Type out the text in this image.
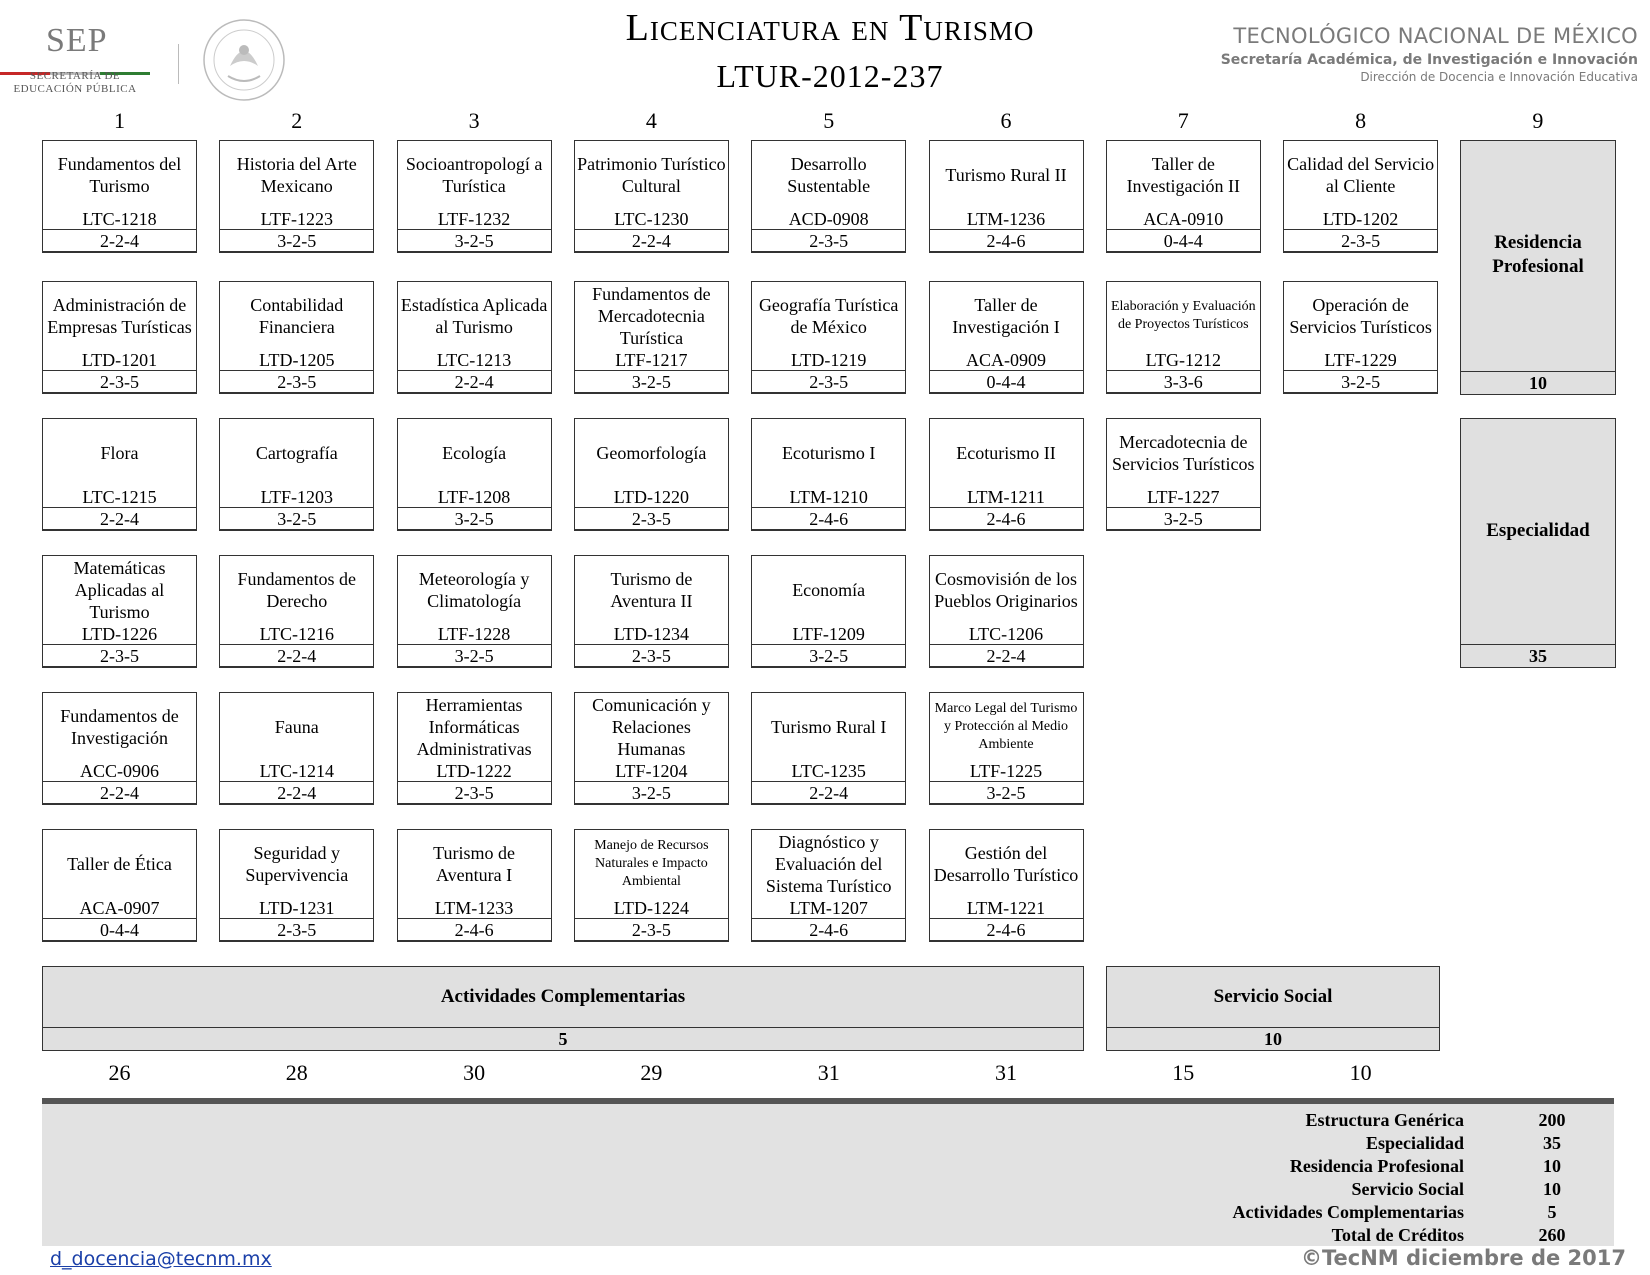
SEP
SECRETARÍA DE
EDUCACIÓN PÚBLICA
Licenciatura en Turismo
LTUR-2012-237
TECNOLÓGICO NACIONAL DE MÉXICO
Secretaría Académica, de Investigación e Innovación
Dirección de Docencia e Innovación Educativa
1	2	3	4	5	6	7	8	9
Fundamentos del Turismo
LTC-1218
2-2-4
Historia del Arte Mexicano
LTF-1223
3-2-5
Socioantropologí a Turística
LTF-1232
3-2-5
Patrimonio Turístico Cultural
LTC-1230
2-2-4
Desarrollo Sustentable
ACD-0908
2-3-5
Turismo Rural II
LTM-1236
2-4-6
Taller de Investigación II
ACA-0910
0-4-4
Calidad del Servicio al Cliente
LTD-1202
2-3-5
Administración de Empresas Turísticas
LTD-1201
2-3-5
Contabilidad Financiera
LTD-1205
2-3-5
Estadística Aplicada al Turismo
LTC-1213
2-2-4
Fundamentos de Mercadotecnia Turística
LTF-1217
3-2-5
Geografía Turística de México
LTD-1219
2-3-5
Taller de Investigación I
ACA-0909
0-4-4
Elaboración y Evaluación de Proyectos Turísticos
LTG-1212
3-3-6
Operación de Servicios Turísticos
LTF-1229
3-2-5
Flora
LTC-1215
2-2-4
Cartografía
LTF-1203
3-2-5
Ecología
LTF-1208
3-2-5
Geomorfología
LTD-1220
2-3-5
Ecoturismo I
LTM-1210
2-4-6
Ecoturismo II
LTM-1211
2-4-6
Mercadotecnia de Servicios Turísticos
LTF-1227
3-2-5
Matemáticas Aplicadas al Turismo
LTD-1226
2-3-5
Fundamentos de Derecho
LTC-1216
2-2-4
Meteorología y Climatología
LTF-1228
3-2-5
Turismo de Aventura II
LTD-1234
2-3-5
Economía
LTF-1209
3-2-5
Cosmovisión de los Pueblos Originarios
LTC-1206
2-2-4
Fundamentos de Investigación
ACC-0906
2-2-4
Fauna
LTC-1214
2-2-4
Herramientas Informáticas Administrativas
LTD-1222
2-3-5
Comunicación y Relaciones Humanas
LTF-1204
3-2-5
Turismo Rural I
LTC-1235
2-2-4
Marco Legal del Turismo y Protección al Medio Ambiente
LTF-1225
3-2-5
Taller de Ética
ACA-0907
0-4-4
Seguridad y Supervivencia
LTD-1231
2-3-5
Turismo de Aventura I
LTM-1233
2-4-6
Manejo de Recursos Naturales e Impacto Ambiental
LTD-1224
2-3-5
Diagnóstico y Evaluación del Sistema Turístico
LTM-1207
2-4-6
Gestión del Desarrollo Turístico
LTM-1221
2-4-6
Residencia Profesional
10
Especialidad
35
Actividades Complementarias
5
Servicio Social
10
26	28	30	29	31	31	15	10
Estructura Genérica	200
Especialidad	35
Residencia Profesional	10
Servicio Social	10
Actividades Complementarias	5
Total de Créditos	260
d_docencia@tecnm.mx	©TecNM diciembre de 2017
